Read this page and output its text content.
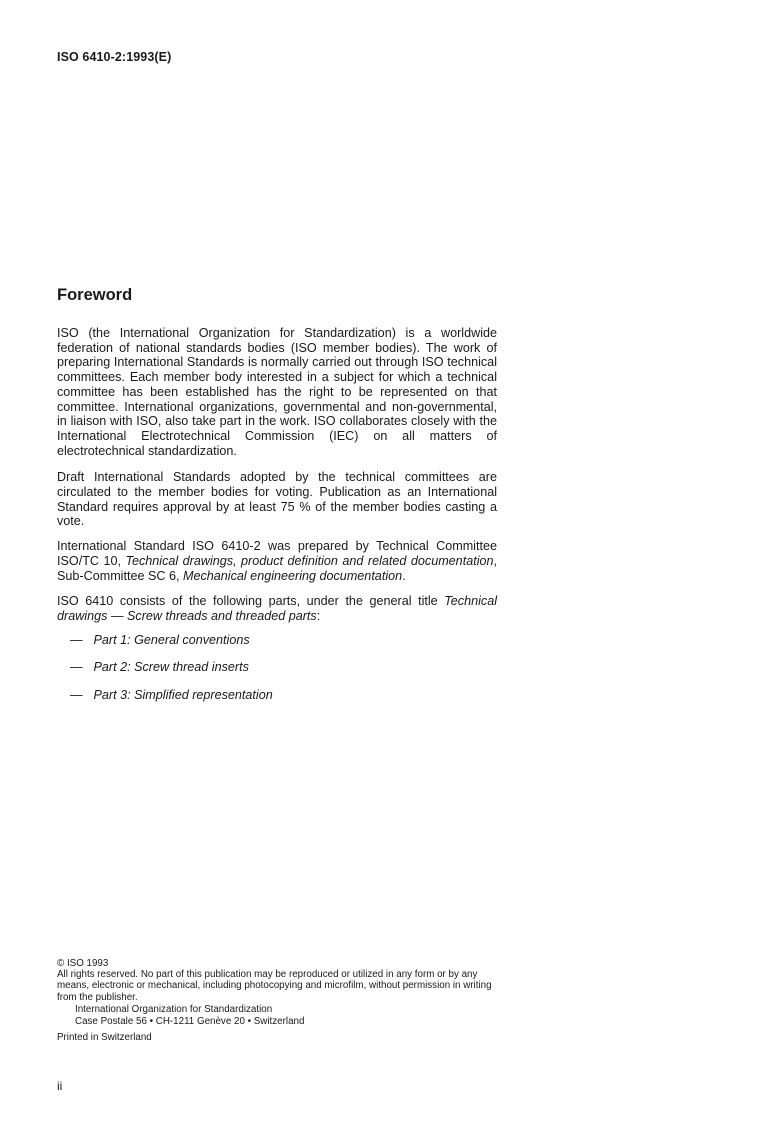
ISO 6410-2:1993(E)
Foreword

ISO (the International Organization for Standardization) is a worldwide federation of national standards bodies (ISO member bodies). The work of preparing International Standards is normally carried out through ISO technical committees. Each member body interested in a subject for which a technical committee has been established has the right to be represented on that committee. International organizations, governmental and non-governmental, in liaison with ISO, also take part in the work. ISO collaborates closely with the International Electrotechnical Commission (IEC) on all matters of electrotechnical standardization.

Draft International Standards adopted by the technical committees are circulated to the member bodies for voting. Publication as an International Standard requires approval by at least 75 % of the member bodies casting a vote.

International Standard ISO 6410-2 was prepared by Technical Committee ISO/TC 10, Technical drawings, product definition and related documentation, Sub-Committee SC 6, Mechanical engineering documentation.

ISO 6410 consists of the following parts, under the general title Technical drawings — Screw threads and threaded parts:

— Part 1: General conventions
— Part 2: Screw thread inserts
— Part 3: Simplified representation

© ISO 1993

All rights reserved. No part of this publication may be reproduced or utilized in any form or by any means, electronic or mechanical, including photocopying and microfilm, without permission in writing from the publisher.

International Organization for Standardization

Case Postale 56 • CH-1211 Genève 20 • Switzerland

Printed in Switzerland

ii
